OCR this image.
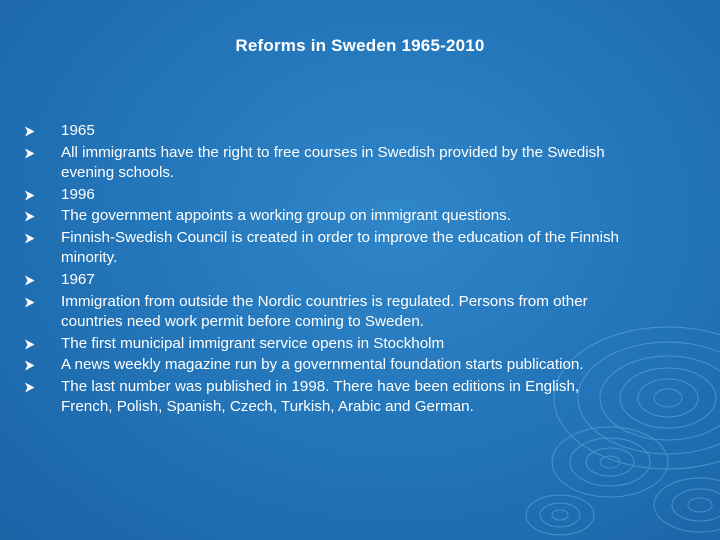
Reforms in Sweden 1965-2010
1965
All immigrants have the right to free courses in Swedish provided by the Swedish evening schools.
1996
The government appoints a working group on immigrant questions.
Finnish-Swedish Council is created in order to improve the education of the Finnish minority.
1967
Immigration from outside the Nordic countries is regulated. Persons from other countries need work permit before coming to Sweden.
The first municipal immigrant service opens in Stockholm
A news weekly magazine run by a governmental foundation starts publication.
The last number was published in 1998. There have been editions in English, French, Polish, Spanish, Czech, Turkish, Arabic and German.
